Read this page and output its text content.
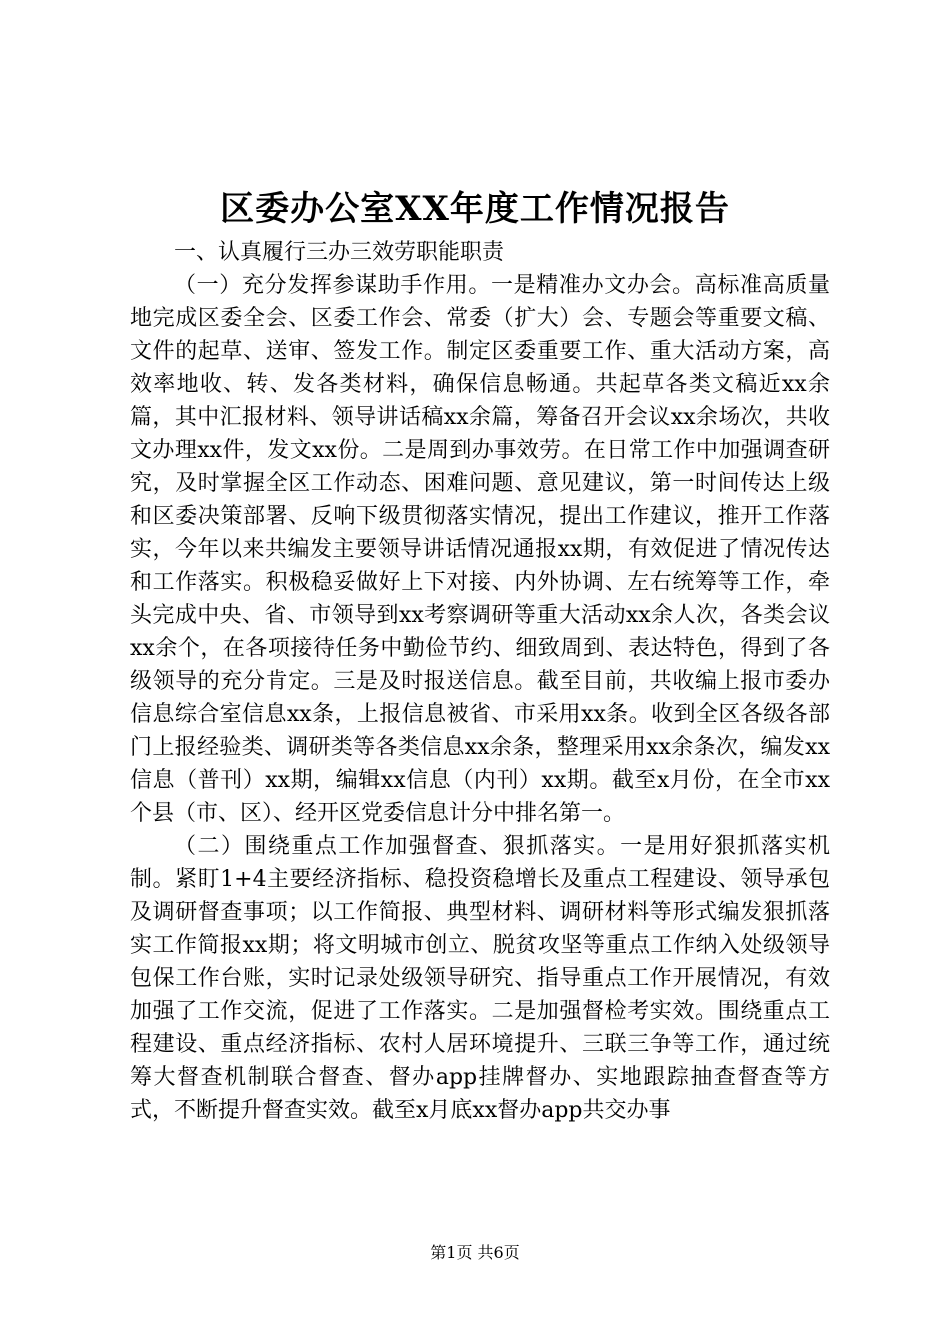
区委办公室XX年度工作情况报告

一、认真履行三办三效劳职能职责

（一）充分发挥参谋助手作用。一是精准办文办会。高标准高质量地完成区委全会、区委工作会、常委（扩大）会、专题会等重要文稿、文件的起草、送审、签发工作。制定区委重要工作、重大活动方案，高效率地收、转、发各类材料，确保信息畅通。共起草各类文稿近xx余篇，其中汇报材料、领导讲话稿xx余篇，筹备召开会议xx余场次，共收文办理xx件，发文xx份。二是周到办事效劳。在日常工作中加强调查研究，及时掌握全区工作动态、困难问题、意见建议，第一时间传达上级和区委决策部署、反响下级贯彻落实情况，提出工作建议，推开工作落实，今年以来共编发主要领导讲话情况通报xx期，有效促进了情况传达和工作落实。积极稳妥做好上下对接、内外协调、左右统筹等工作，牵头完成中央、省、市领导到xx考察调研等重大活动xx余人次，各类会议xx余个，在各项接待任务中勤俭节约、细致周到、表达特色，得到了各级领导的充分肯定。三是及时报送信息。截至目前，共收编上报市委办信息综合室信息xx条，上报信息被省、市采用xx条。收到全区各级各部门上报经验类、调研类等各类信息xx余条，整理采用xx余条次，编发xx信息（普刊）xx期，编辑xx信息（内刊）xx期。截至x月份，在全市xx个县（市、区）、经开区党委信息计分中排名第一。

（二）围绕重点工作加强督查、狠抓落实。一是用好狠抓落实机制。紧盯1+4主要经济指标、稳投资稳增长及重点工程建设、领导承包及调研督查事项；以工作简报、典型材料、调研材料等形式编发狠抓落实工作简报xx期；将文明城市创立、脱贫攻坚等重点工作纳入处级领导包保工作台账，实时记录处级领导研究、指导重点工作开展情况，有效加强了工作交流，促进了工作落实。二是加强督检考实效。围绕重点工程建设、重点经济指标、农村人居环境提升、三联三争等工作，通过统筹大督查机制联合督查、督办app挂牌督办、实地跟踪抽查督查等方式，不断提升督查实效。截至x月底xx督办app共交办事

第1页 共6页
